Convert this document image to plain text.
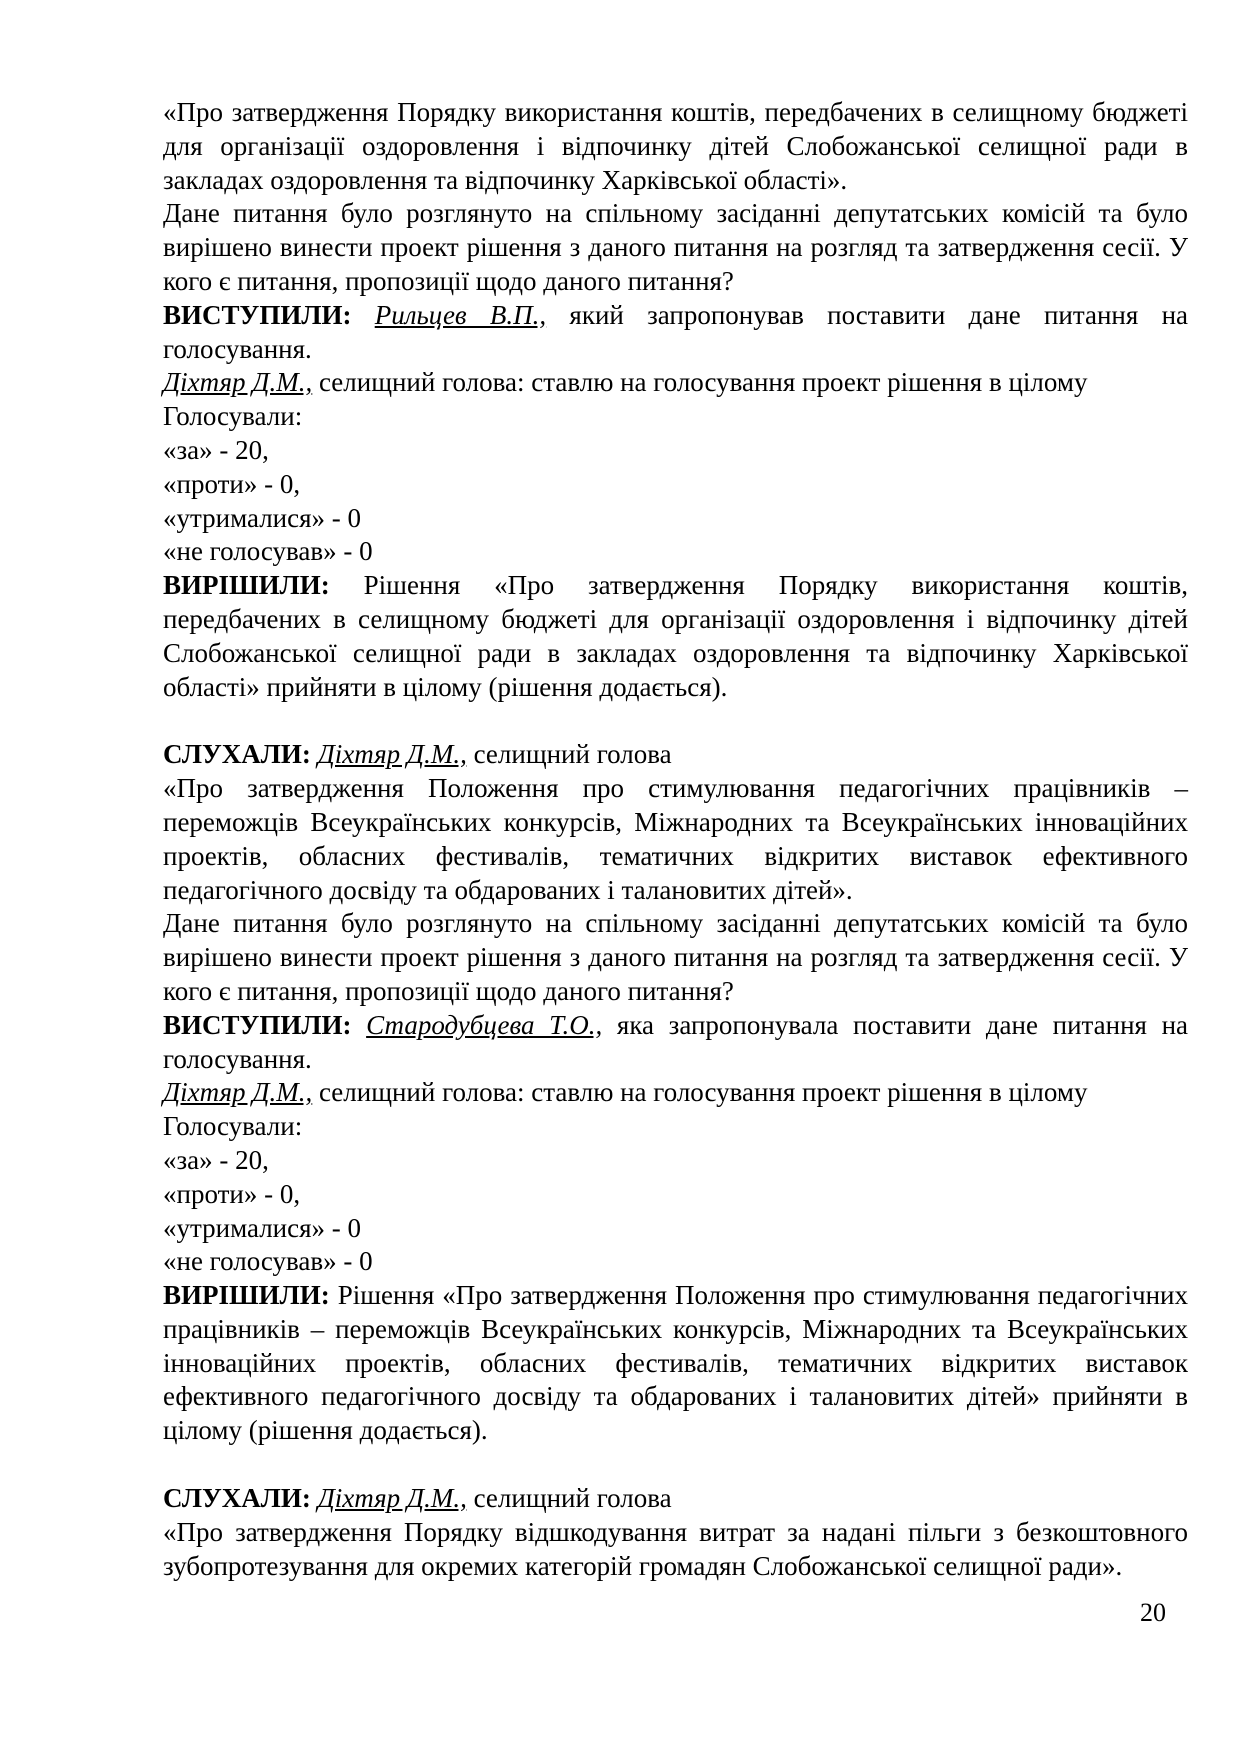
«Про затвердження Порядку використання коштів, передбачених в селищному бюджеті для організації оздоровлення і відпочинку дітей Слобожанської селищної ради в закладах оздоровлення та відпочинку Харківської області».

Дане питання було розглянуто на спільному засіданні депутатських комісій та було вирішено винести проект рішення з даного питання на розгляд та затвердження сесії. У кого є питання, пропозиції щодо даного питання?

ВИСТУПИЛИ: Рильцев В.П., який запропонував поставити дане питання на голосування.

Діхтяр Д.М., селищний голова: ставлю на голосування проект рішення в цілому

Голосували:

«за» - 20,

«проти» - 0,

«утрималися» - 0

«не голосував» - 0

ВИРІШИЛИ: Рішення «Про затвердження Порядку використання коштів, передбачених в селищному бюджеті для організації оздоровлення і відпочинку дітей Слобожанської селищної ради в закладах оздоровлення та відпочинку Харківської області» прийняти в цілому (рішення додається).

СЛУХАЛИ: Діхтяр Д.М., селищний голова

«Про затвердження Положення про стимулювання педагогічних працівників – переможців Всеукраїнських конкурсів, Міжнародних та Всеукраїнських інноваційних проектів, обласних фестивалів, тематичних відкритих виставок ефективного педагогічного досвіду та обдарованих і талановитих дітей».

Дане питання було розглянуто на спільному засіданні депутатських комісій та було вирішено винести проект рішення з даного питання на розгляд та затвердження сесії. У кого є питання, пропозиції щодо даного питання?

ВИСТУПИЛИ: Стародубцева Т.О., яка запропонувала поставити дане питання на голосування.

Діхтяр Д.М., селищний голова: ставлю на голосування проект рішення в цілому

Голосували:

«за» - 20,

«проти» - 0,

«утрималися» - 0

«не голосував» - 0

ВИРІШИЛИ: Рішення «Про затвердження Положення про стимулювання педагогічних працівників – переможців Всеукраїнських конкурсів, Міжнародних та Всеукраїнських інноваційних проектів, обласних фестивалів, тематичних відкритих виставок ефективного педагогічного досвіду та обдарованих і талановитих дітей» прийняти в цілому (рішення додається).

СЛУХАЛИ: Діхтяр Д.М., селищний голова

«Про затвердження Порядку відшкодування витрат за надані пільги з безкоштовного зубопротезування для окремих категорій громадян Слобожанської селищної ради».

20
